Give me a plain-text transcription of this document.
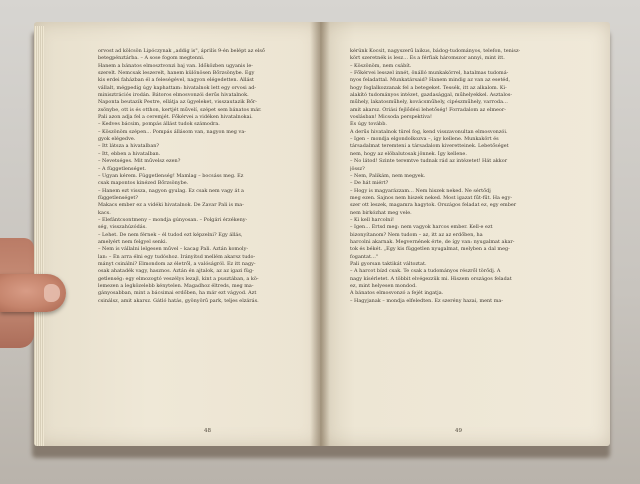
orvost ad kölcsön Lipóczynak „addig is", áprilís 9-én belépt az első
betegpénztárba. – A sose fogom megtenni.
Hanem a bánatos elmosztvonzi baj van. Időközben ugyanis le-
szerelt. Nemcsak leszerelt, hanem különösen Bőrzsönybe. Egy
kis erdei faházban él a feleségével, nagyon elégedetten. Állást
vállalt, mégpedig úgy kaphattam: hivatalnok lett egy orvosi ad-
minisztrációs irodán. Bátoros elmosvonzói derűs hivatalnok.
Naponta beutazik Pestre, ellátja az ügyeleket, visszautazik Bőr-
zsönybe, ott is és otthon, kertjét művelí, szépet sem bánatos már.
Pali azon adja fel a ceremjét. Főkérvei a vidéken hivatalnokai.
– Kedves bácsim, pompás állást tudok számodra.
– Köszönöm szépen… Pompás állásom van, nagyon meg va-
gyok elégedve.
– Itt látsza a hivatalban?
– Itt, ebben a hivatalban.
– Nevetséges. Mit művelsz ezen?
– A függetlenséget.
– Ugyan kérem. Függetlenség! Mamlag – bocsáss meg. Ez
csak mapontos kinézed Bőrzsönybe.
– Hanem ezt vissza, nagyon gyulag. Ez csak nem vagy át a
függetlenséget?
Makacs ember ez a vidéki hivatalnok. De Zavar Pali is ma-
kacs.
– Elefántcsontmeny – mondja gúnyosan. – Polgári érzékeny-
ség, visszahúzódás.
– Lehet. De nem férnek – él tudod ezt képzelni? Egy állás,
amelyért nem felgyel senki.
– Nem is vállalni lelgesen művel – kacag Pali. Aztán komoly-
lan: – Én arra élni egy tudóshoz. Irányítsd mellém akarsz tudo-
mányt csinálni? Elmondom az életről, a valóságról. Ez itt nagy-
osak ahatadék vagy, hasznos. Aztán én ajtalok, az az igazi füg-
getlenség: egy elmozogtó veszélys lezajl, kint a pusztában, a kö-
lemezen a legközelebb kénytelen. Magadhoz éltreds, meg ma-
gányosabban, mint a bácsimai erdőben, ha már ezt vágyod. Azt
csinálsz, amit akarsz. Gátló hatás, gyönyörű park, teljes elzárás.
48
kérünk Kocsit, nagyszerű laikus, bádog-tudományos, telefon, tenisz-
kört szeretnék is lesz… És a férfiak háromszor annyi, mint itt.
– Köszönöm, nem csábít.
– Főkérvei lesszel innét, önálló munkakörrel, hatalmas tudomá-
nyos feladattal. Munkatársaid? Hanem mindig az van az esetéd,
hogy foglalkozzanak fel a betegeket. Tessék, itt az alkalom. Ki-
alakító tudományos intézet, gazdasággal, műhelyekkel. Asztalos-
műhely, lakatosműhely, kovácsműhely, cipészműhely, varroda…
amit akarsz. Óriási fejlődési lehetőség! Forradalom az elmeor-
voslásban! Micsoda perspektíva!
És úgy tovább.
A derűs hivatalnok türel fog, kend visszavonultan elmosvonzói.
– Igen – mondja elgondolkozva –, így kellene. Munkakört és
társadalmat teremteni a társadalom kiveretteinek. Lebetőséget
nem, hogy az elöbalutosak jönnek. Így kellene.
– No látod! Szinte teremtve tudnak rád az intézetet! Hát akkor
jössz?
– Nem, Palikám, nem megyek.
– De hát miért?
– Hogy is magyarázzam… Nem hiszek neked. Ne sértődj
meg ezen. Sajnos nem hiszek neked. Most igazat fűt-fűt. Ha egy-
szer ott leszek, magamra hagytok. Országos feladat ez, egy ember
nem birkózhat meg vele.
– Ki kell harcolni!
– Igen… Értsd meg: nem vagyok harcos ember. Kell-e ezt
bizonyítanom? Nem tudom – az, itt az az erdőben, ha
harcolni akarnak. Megvernének érte, de így van: nyugalmat akar-
tok és békét. „Egy kis független nyugalmat, melyben a dal meg-
fogantat…"
Pali gyorsan taktikát változtat.
– A harcot bízd csak. Te csak a tudományos részről törődj. A
nagy kísérletet. A többit elvégezzük mi. Hiszem országos feladat
ez, mint helyesen mondod.
A bánatos elmosvonzó a fejét ingatja.
– Hagyjanak – mondja elfeledten. Ez szerény hazai, ment ma-
49
